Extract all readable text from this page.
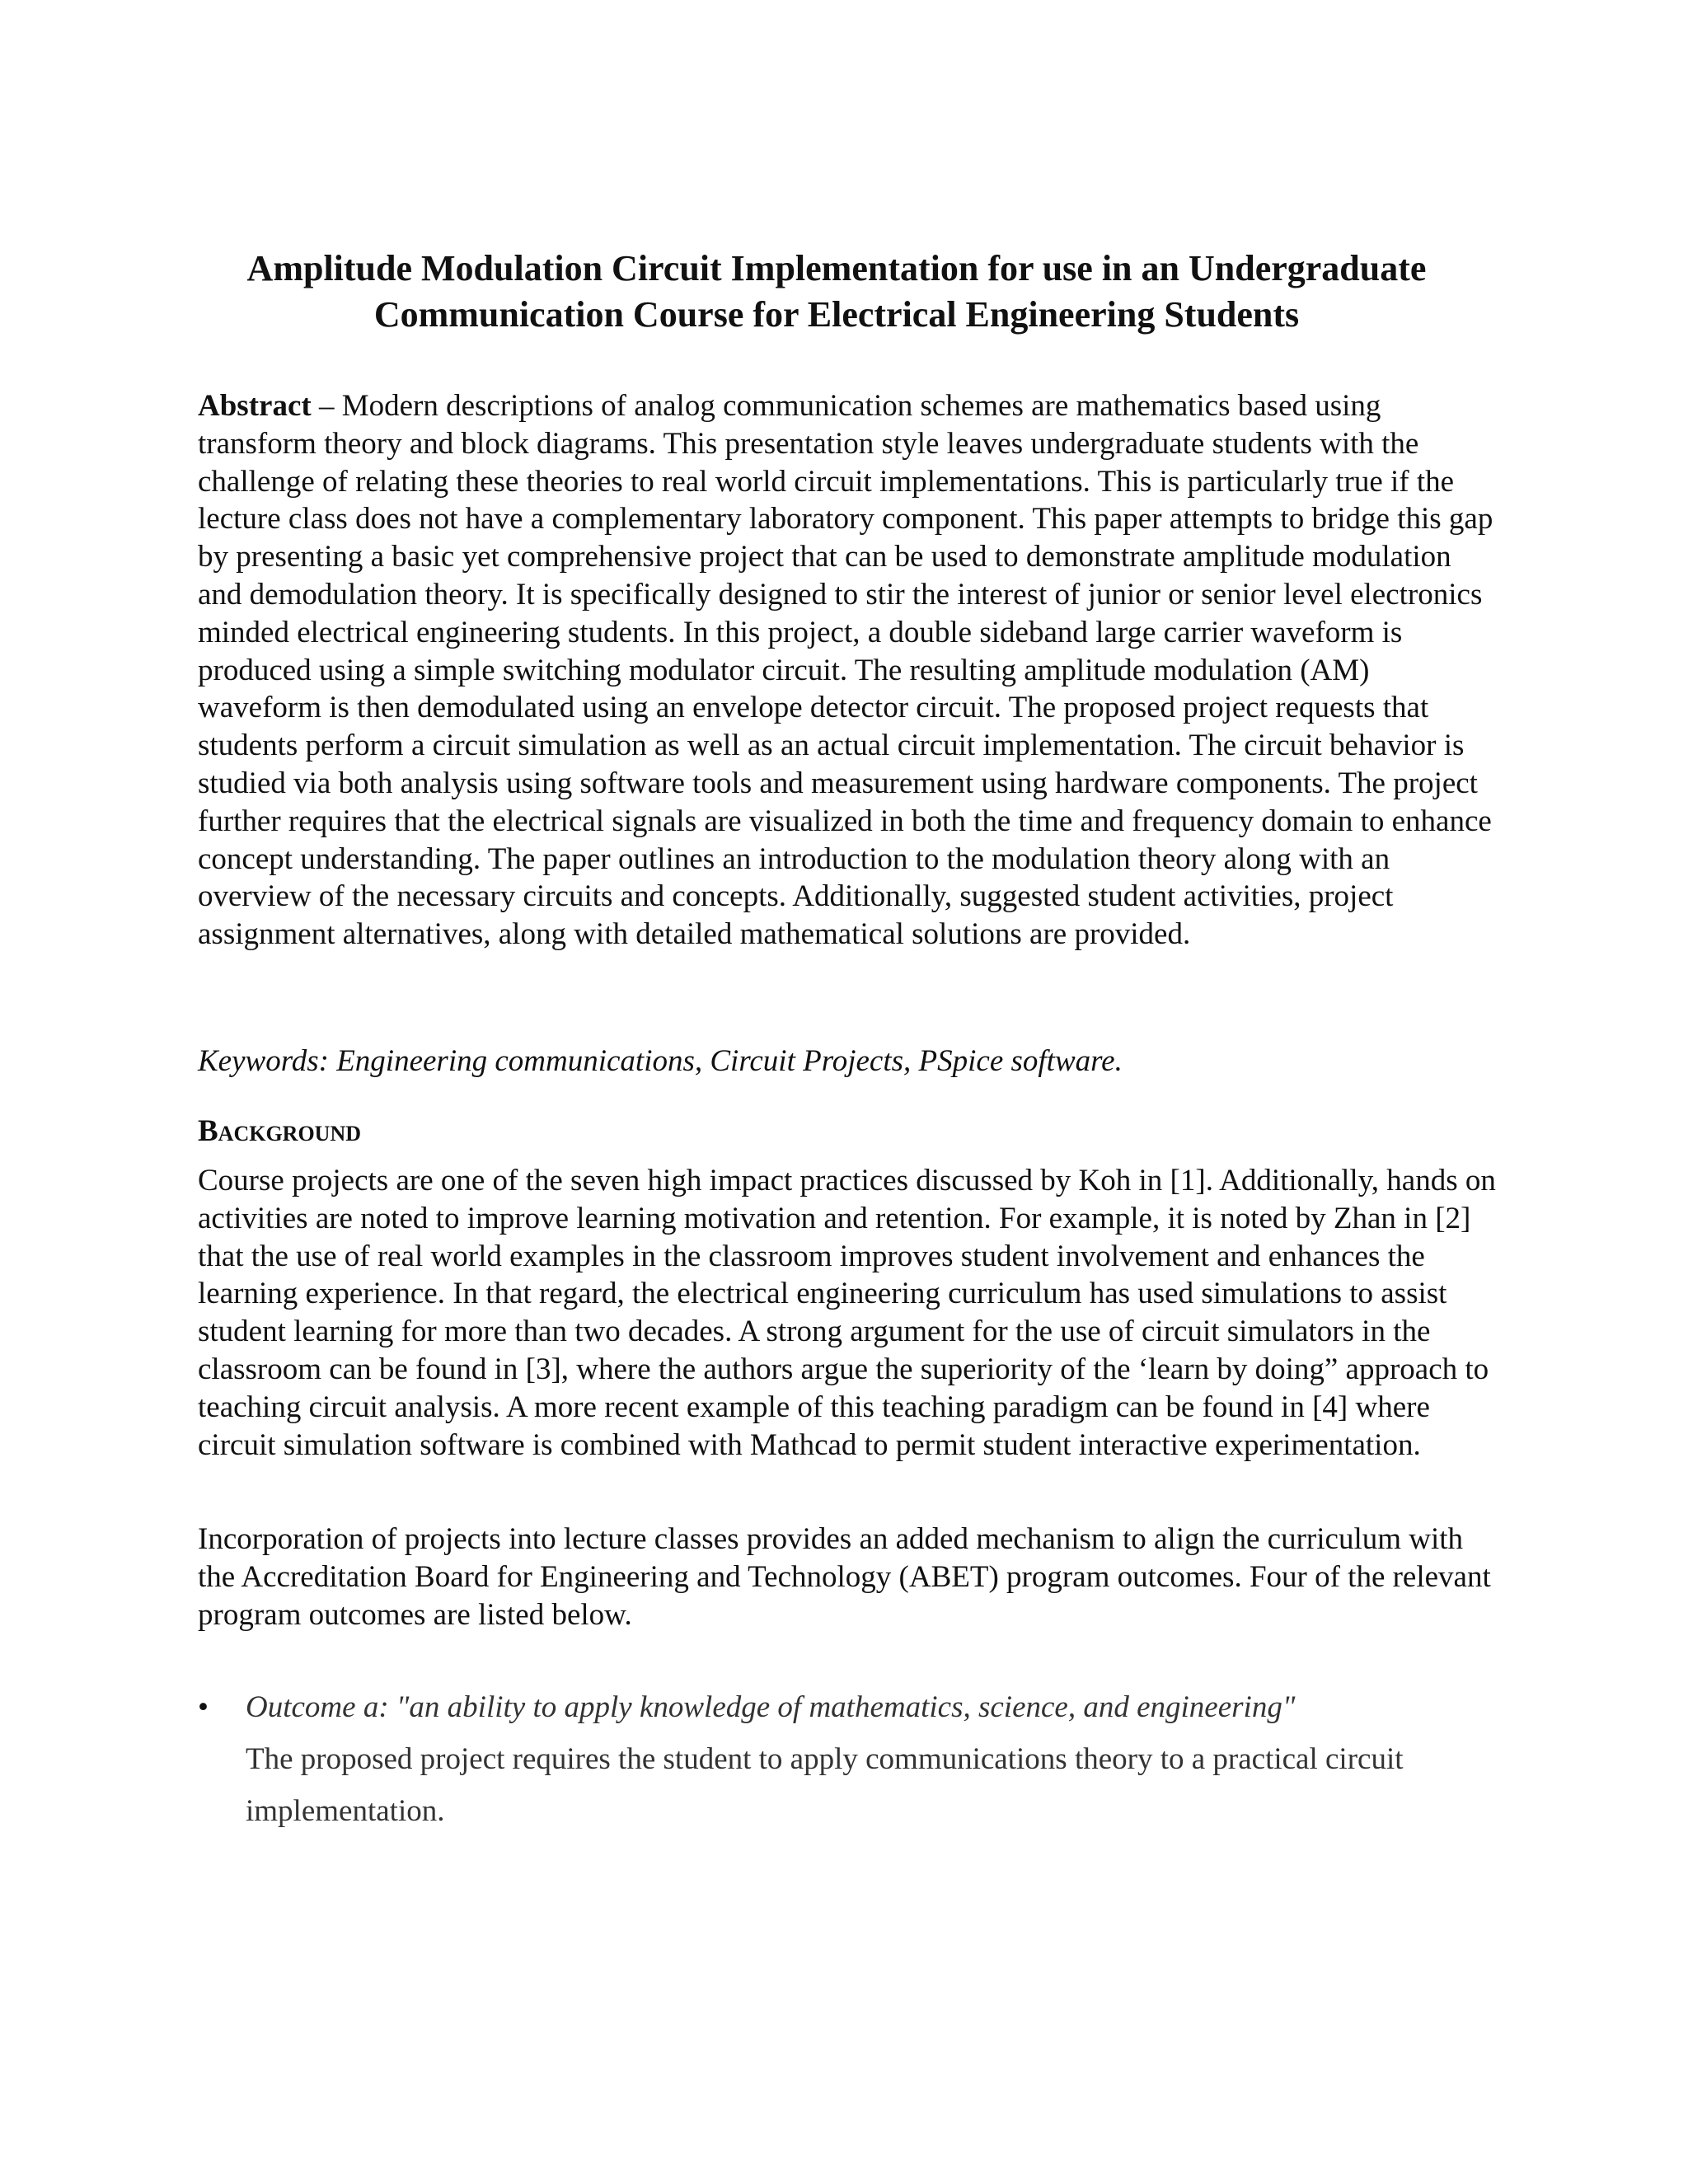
Amplitude Modulation Circuit Implementation for use in an Undergraduate Communication Course for Electrical Engineering Students

Abstract – Modern descriptions of analog communication schemes are mathematics based using transform theory and block diagrams. This presentation style leaves undergraduate students with the challenge of relating these theories to real world circuit implementations. This is particularly true if the lecture class does not have a complementary laboratory component. This paper attempts to bridge this gap by presenting a basic yet comprehensive project that can be used to demonstrate amplitude modulation and demodulation theory. It is specifically designed to stir the interest of junior or senior level electronics minded electrical engineering students. In this project, a double sideband large carrier waveform is produced using a simple switching modulator circuit. The resulting amplitude modulation (AM) waveform is then demodulated using an envelope detector circuit. The proposed project requests that students perform a circuit simulation as well as an actual circuit implementation. The circuit behavior is studied via both analysis using software tools and measurement using hardware components. The project further requires that the electrical signals are visualized in both the time and frequency domain to enhance concept understanding. The paper outlines an introduction to the modulation theory along with an overview of the necessary circuits and concepts. Additionally, suggested student activities, project assignment alternatives, along with detailed mathematical solutions are provided.

Keywords: Engineering communications, Circuit Projects, PSpice software.

Background

Course projects are one of the seven high impact practices discussed by Koh in [1]. Additionally, hands on activities are noted to improve learning motivation and retention. For example, it is noted by Zhan in [2] that the use of real world examples in the classroom improves student involvement and enhances the learning experience. In that regard, the electrical engineering curriculum has used simulations to assist student learning for more than two decades. A strong argument for the use of circuit simulators in the classroom can be found in [3], where the authors argue the superiority of the ‘learn by doing” approach to teaching circuit analysis. A more recent example of this teaching paradigm can be found in [4] where circuit simulation software is combined with Mathcad to permit student interactive experimentation.

Incorporation of projects into lecture classes provides an added mechanism to align the curriculum with the Accreditation Board for Engineering and Technology (ABET) program outcomes. Four of the relevant program outcomes are listed below.

•	Outcome a: "an ability to apply knowledge of mathematics, science, and engineering"
The proposed project requires the student to apply communications theory to a practical circuit implementation.
